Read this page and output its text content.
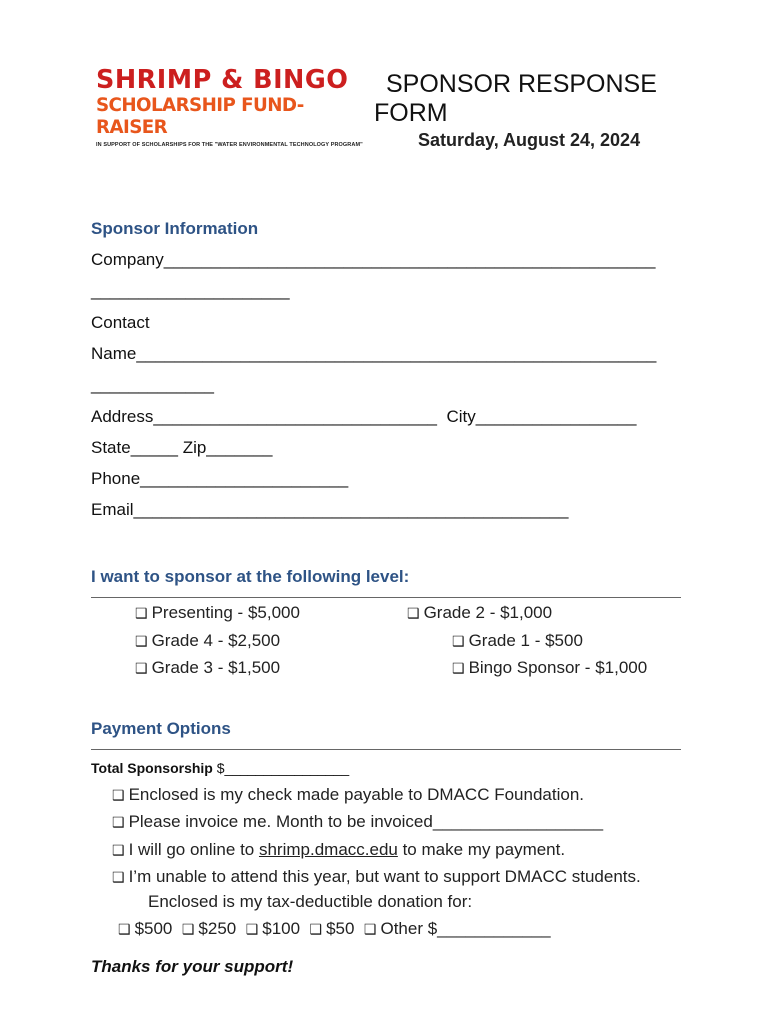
SHRIMP & BINGO
SCHOLARSHIP FUND-RAISER
IN SUPPORT OF SCHOLARSHIPS FOR THE "WATER ENVIRONMENTAL TECHNOLOGY PROGRAM"
SPONSOR RESPONSE
FORM
Saturday, August 24, 2024
Sponsor Information
Company____________________________________________________
_____________________
Contact
Name_______________________________________________________
_____________
Address______________________________  City_________________
State_____ Zip_______
Phone______________________
Email______________________________________________
I want to sponsor at the following level:
❑ Presenting - $5,000	❑ Grade 2 - $1,000
❑ Grade 4 - $2,500	❑ Grade 1 - $500
❑ Grade 3 - $1,500	❑ Bingo Sponsor - $1,000
Payment Options
Total Sponsorship $________________
❑ Enclosed is my check made payable to DMACC Foundation.
❑ Please invoice me. Month to be invoiced__________________
❑ I will go online to shrimp.dmacc.edu to make my payment.
❑ I’m unable to attend this year, but want to support DMACC students.
Enclosed is my tax-deductible donation for:
❑ $500 ❑ $250 ❑ $100 ❑ $50 ❑ Other $____________
Thanks for your support!
